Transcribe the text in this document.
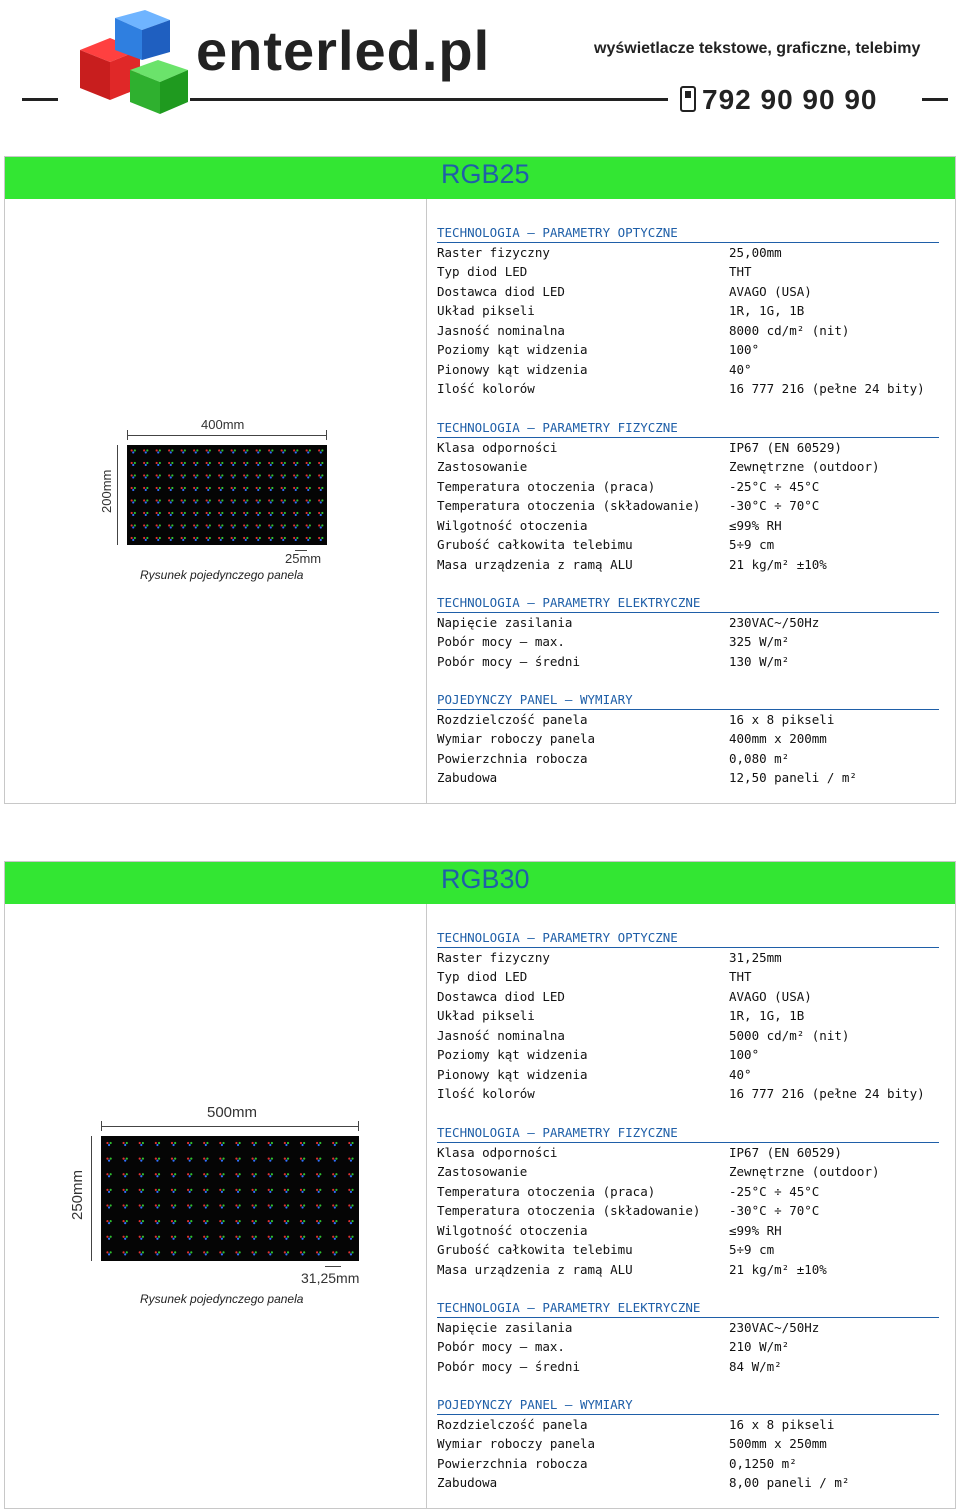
enterled.pl	wyświetlacze tekstowe, graficzne, telebimy
792 90 90 90
RGB25
400mm
200mm
25mm
Rysunek pojedynczego panela
TECHNOLOGIA – PARAMETRY OPTYCZNE
Raster fizyczny	25,00mm
Typ diod LED	THT
Dostawca diod LED	AVAGO (USA)
Układ pikseli	1R, 1G, 1B
Jasność nominalna	8000 cd/m² (nit)
Poziomy kąt widzenia	100°
Pionowy kąt widzenia	40°
Ilość kolorów	16 777 216 (pełne 24 bity)
TECHNOLOGIA – PARAMETRY FIZYCZNE
Klasa odporności	IP67 (EN 60529)
Zastosowanie	Zewnętrzne (outdoor)
Temperatura otoczenia (praca)	-25°C ÷ 45°C
Temperatura otoczenia (składowanie) -30°C ÷ 70°C
Wilgotność otoczenia	≤99% RH
Grubość całkowita telebimu	5÷9 cm
Masa urządzenia z ramą ALU	21 kg/m² ±10%
TECHNOLOGIA – PARAMETRY ELEKTRYCZNE
Napięcie zasilania	230VAC~/50Hz
Pobór mocy – max.	325 W/m²
Pobór mocy – średni	130 W/m²
POJEDYNCZY PANEL – WYMIARY
Rozdzielczość panela	16 x 8 pikseli
Wymiar roboczy panela	400mm x 200mm
Powierzchnia robocza	0,080 m²
Zabudowa	12,50 paneli / m²
RGB30
500mm
250mm
31,25mm
Rysunek pojedynczego panela
TECHNOLOGIA – PARAMETRY OPTYCZNE
Raster fizyczny	31,25mm
Typ diod LED	THT
Dostawca diod LED	AVAGO (USA)
Układ pikseli	1R, 1G, 1B
Jasność nominalna	5000 cd/m² (nit)
Poziomy kąt widzenia	100°
Pionowy kąt widzenia	40°
Ilość kolorów	16 777 216 (pełne 24 bity)
TECHNOLOGIA – PARAMETRY FIZYCZNE
Klasa odporności	IP67 (EN 60529)
Zastosowanie	Zewnętrzne (outdoor)
Temperatura otoczenia (praca)	-25°C ÷ 45°C
Temperatura otoczenia (składowanie) -30°C ÷ 70°C
Wilgotność otoczenia	≤99% RH
Grubość całkowita telebimu	5÷9 cm
Masa urządzenia z ramą ALU	21 kg/m² ±10%
TECHNOLOGIA – PARAMETRY ELEKTRYCZNE
Napięcie zasilania	230VAC~/50Hz
Pobór mocy – max.	210 W/m²
Pobór mocy – średni	84 W/m²
POJEDYNCZY PANEL – WYMIARY
Rozdzielczość panela	16 x 8 pikseli
Wymiar roboczy panela	500mm x 250mm
Powierzchnia robocza	0,1250 m²
Zabudowa	8,00 paneli / m²
